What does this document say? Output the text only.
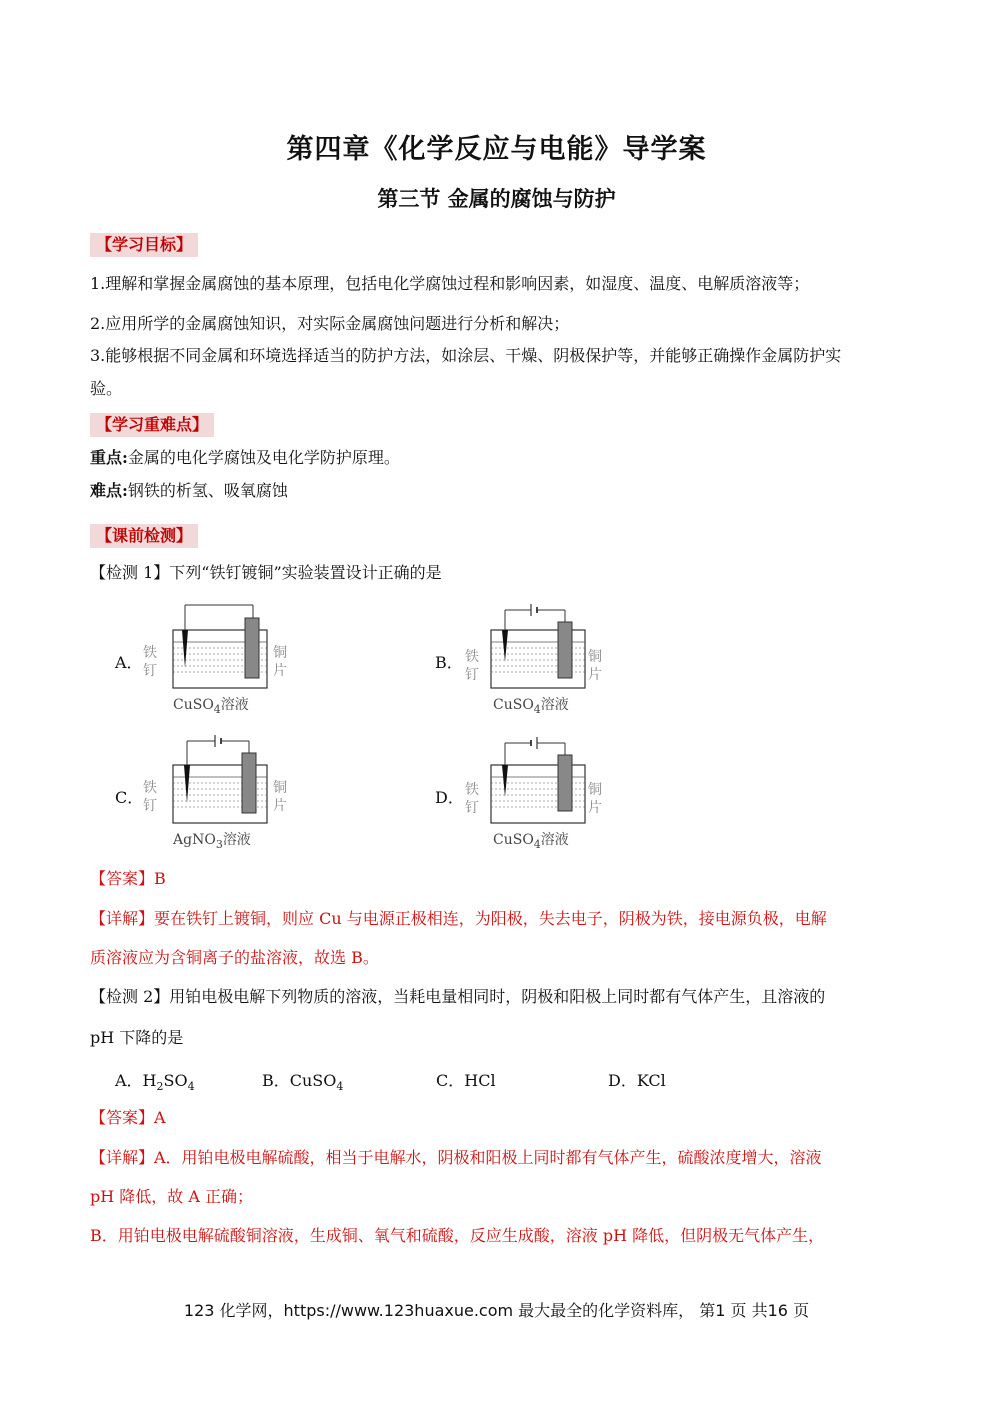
第四章《化学反应与电能》导学案
第三节 金属的腐蚀与防护
【学习目标】
1.理解和掌握金属腐蚀的基本原理，包括电化学腐蚀过程和影响因素，如湿度、温度、电解质溶液等；
2.应用所学的金属腐蚀知识，对实际金属腐蚀问题进行分析和解决；
3.能够根据不同金属和环境选择适当的防护方法，如涂层、干燥、阴极保护等，并能够正确操作金属防护实
验。
【学习重难点】
重点:金属的电化学腐蚀及电化学防护原理。
难点:钢铁的析氢、吸氧腐蚀
【课前检测】
【检测 1】下列“铁钉镀铜”实验装置设计正确的是
A． 铁
钉
铜
片
CuSO$_4$溶液
B． 铁
钉
铜
片
CuSO$_4$溶液
C． 铁
钉
铜
片
AgNO$_3$溶液
D． 铁
钉
铜
片
CuSO$_4$溶液
【答案】B
【详解】要在铁钉上镀铜，则应 Cu 与电源正极相连，为阳极，失去电子，阴极为铁，接电源负极，电解
质溶液应为含铜离子的盐溶液，故选 B。
【检测 2】用铂电极电解下列物质的溶液，当耗电量相同时，阴极和阳极上同时都有气体产生，且溶液的
pH 下降的是
A．$H_2SO_4$	B．CuSO$_4$	C．HCl	D．KCl
【答案】A
【详解】A．用铂电极电解硫酸，相当于电解水，阴极和阳极上同时都有气体产生，硫酸浓度增大，溶液
pH 降低，故 A 正确；
B．用铂电极电解硫酸铜溶液，生成铜、氧气和硫酸，反应生成酸，溶液 pH 降低，但阴极无气体产生，
123 化学网，https://www.123huaxue.com 最大最全的化学资料库， 第1 页 共16 页
